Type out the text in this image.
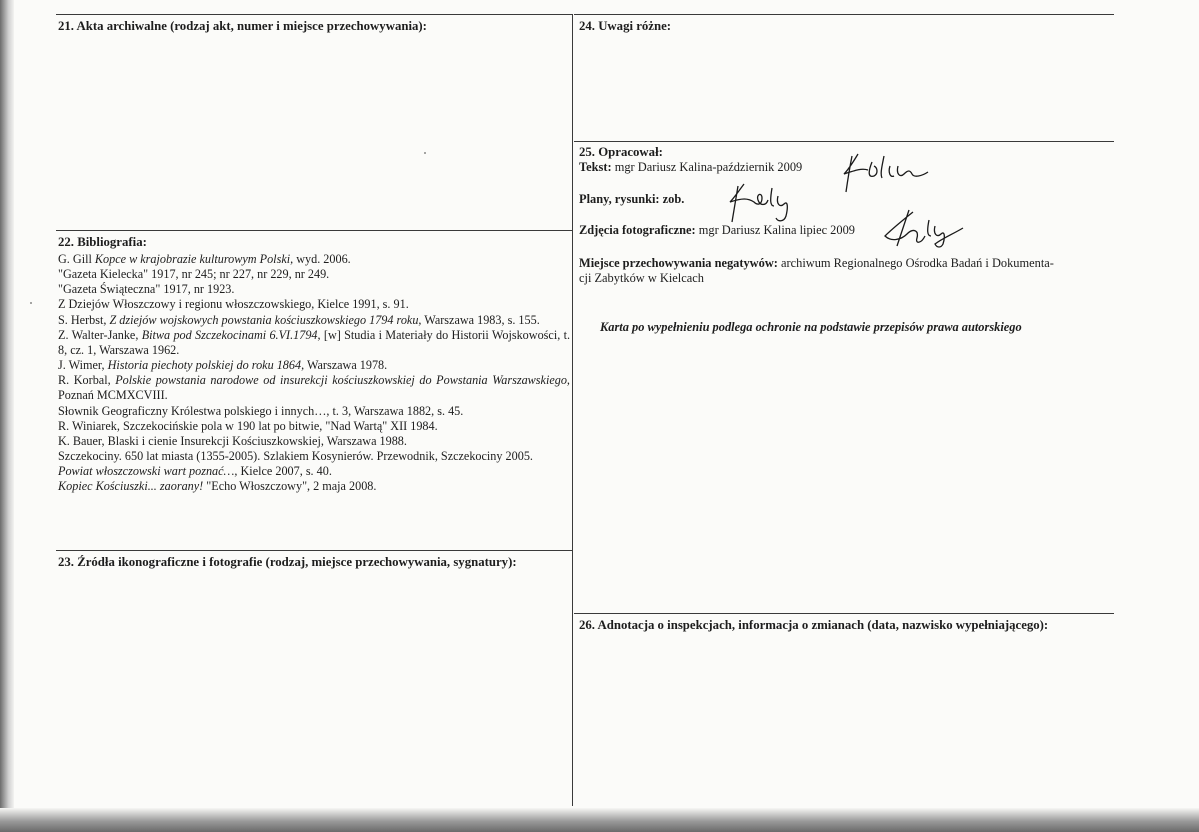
21. Akta archiwalne (rodzaj akt, numer i miejsce przechowywania):
22. Bibliografia:
G. Gill Kopce w krajobrazie kulturowym Polski, wyd. 2006.
"Gazeta Kielecka" 1917, nr 245; nr 227, nr 229, nr 249.
"Gazeta Świąteczna" 1917, nr 1923.
Z Dziejów Włoszczowy i regionu włoszczowskiego, Kielce 1991, s. 91.
S. Herbst, Z dziejów wojskowych powstania kościuszkowskiego 1794 roku, Warszawa 1983, s. 155.
Z. Walter-Janke, Bitwa pod Szczekocinami 6.VI.1794, [w] Studia i Materiały do Historii Wojskowości, t. 8, cz. 1, Warszawa 1962.
J. Wimer, Historia piechoty polskiej do roku 1864, Warszawa 1978.
R. Korbal, Polskie powstania narodowe od insurekcji kościuszkowskiej do Powstania Warszawskiego, Poznań MCMXCVIII.
Słownik Geograficzny Królestwa polskiego i innych…, t. 3, Warszawa 1882, s. 45.
R. Winiarek, Szczekocińskie pola w 190 lat po bitwie, "Nad Wartą" XII 1984.
K. Bauer, Blaski i cienie Insurekcji Kościuszkowskiej, Warszawa 1988.
Szczekociny. 650 lat miasta (1355-2005). Szlakiem Kosynierów. Przewodnik, Szczekociny 2005.
Powiat włoszczowski wart poznać…, Kielce 2007, s. 40.
Kopiec Kościuszki... zaorany! "Echo Włoszczowy", 2 maja 2008.
23. Źródła ikonograficzne i fotografie (rodzaj, miejsce przechowywania, sygnatury):
24. Uwagi różne:
25. Opracował:
Tekst: mgr Dariusz Kalina-październik 2009
Plany, rysunki: zob.
Zdjęcia fotograficzne: mgr Dariusz Kalina lipiec 2009
Miejsce przechowywania negatywów: archiwum Regionalnego Ośrodka Badań i Dokumenta-
cji Zabytków w Kielcach
Karta po wypełnieniu podlega ochronie na podstawie przepisów prawa autorskiego
26. Adnotacja o inspekcjach, informacja o zmianach (data, nazwisko wypełniającego):
